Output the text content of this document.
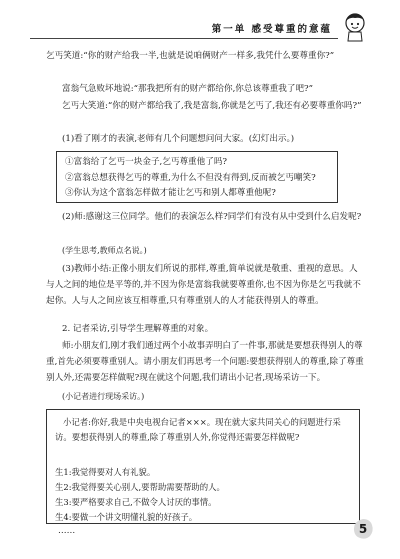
第一单 感受尊重的意蕴
乞丐笑道:“你的财产给我一半,也就是说咱俩财产一样多,我凭什么要尊重你?”
富翁气急败坏地说:“那我把所有的财产都给你,你总该尊重我了吧?”
乞丐大笑道:“你的财产都给我了,我是富翁,你就是乞丐了,我还有必要尊重你吗?”
(1)看了刚才的表演,老师有几个问题想问问大家。(幻灯出示。)
①富翁给了乞丐一块金子,乞丐尊重他了吗?
②富翁总想获得乞丐的尊重,为什么不但没有得到,反而被乞丐嘲笑?
③你认为这个富翁怎样做才能让乞丐和别人都尊重他呢?
(2)师:感谢这三位同学。他们的表演怎么样?同学们有没有从中受到什么启发呢?
(学生思考,教师点名说。)
(3)教师小结:正像小朋友们所说的那样,尊重,简单说就是敬重、重视的意思。人与人之间的地位是平等的,并不因为你是富翁我就要尊重你,也不因为你是乞丐我就不起你。人与人之间应该互相尊重,只有尊重别人的人才能获得别人的尊重。
2. 记者采访,引导学生理解尊重的对象。
师:小朋友们,刚才我们通过两个小故事弄明白了一件事,那就是要想获得别人的尊重,首先必须要尊重别人。请小朋友们再思考一个问题:要想获得别人的尊重,除了尊重别人外,还需要怎样做呢?现在就这个问题,我们请出小记者,现场采访一下。
(小记者进行现场采访。)
小记者:你好,我是中央电视台记者×××。现在就大家共同关心的问题进行采访。要想获得别人的尊重,除了尊重别人外,你觉得还需要怎样做呢?
生1:我觉得要对人有礼貌。
生2:我觉得要关心别人,要帮助需要帮助的人。
生3:要严格要求自己,不做令人讨厌的事情。
生4:要做一个讲文明懂礼貌的好孩子。
……	5
